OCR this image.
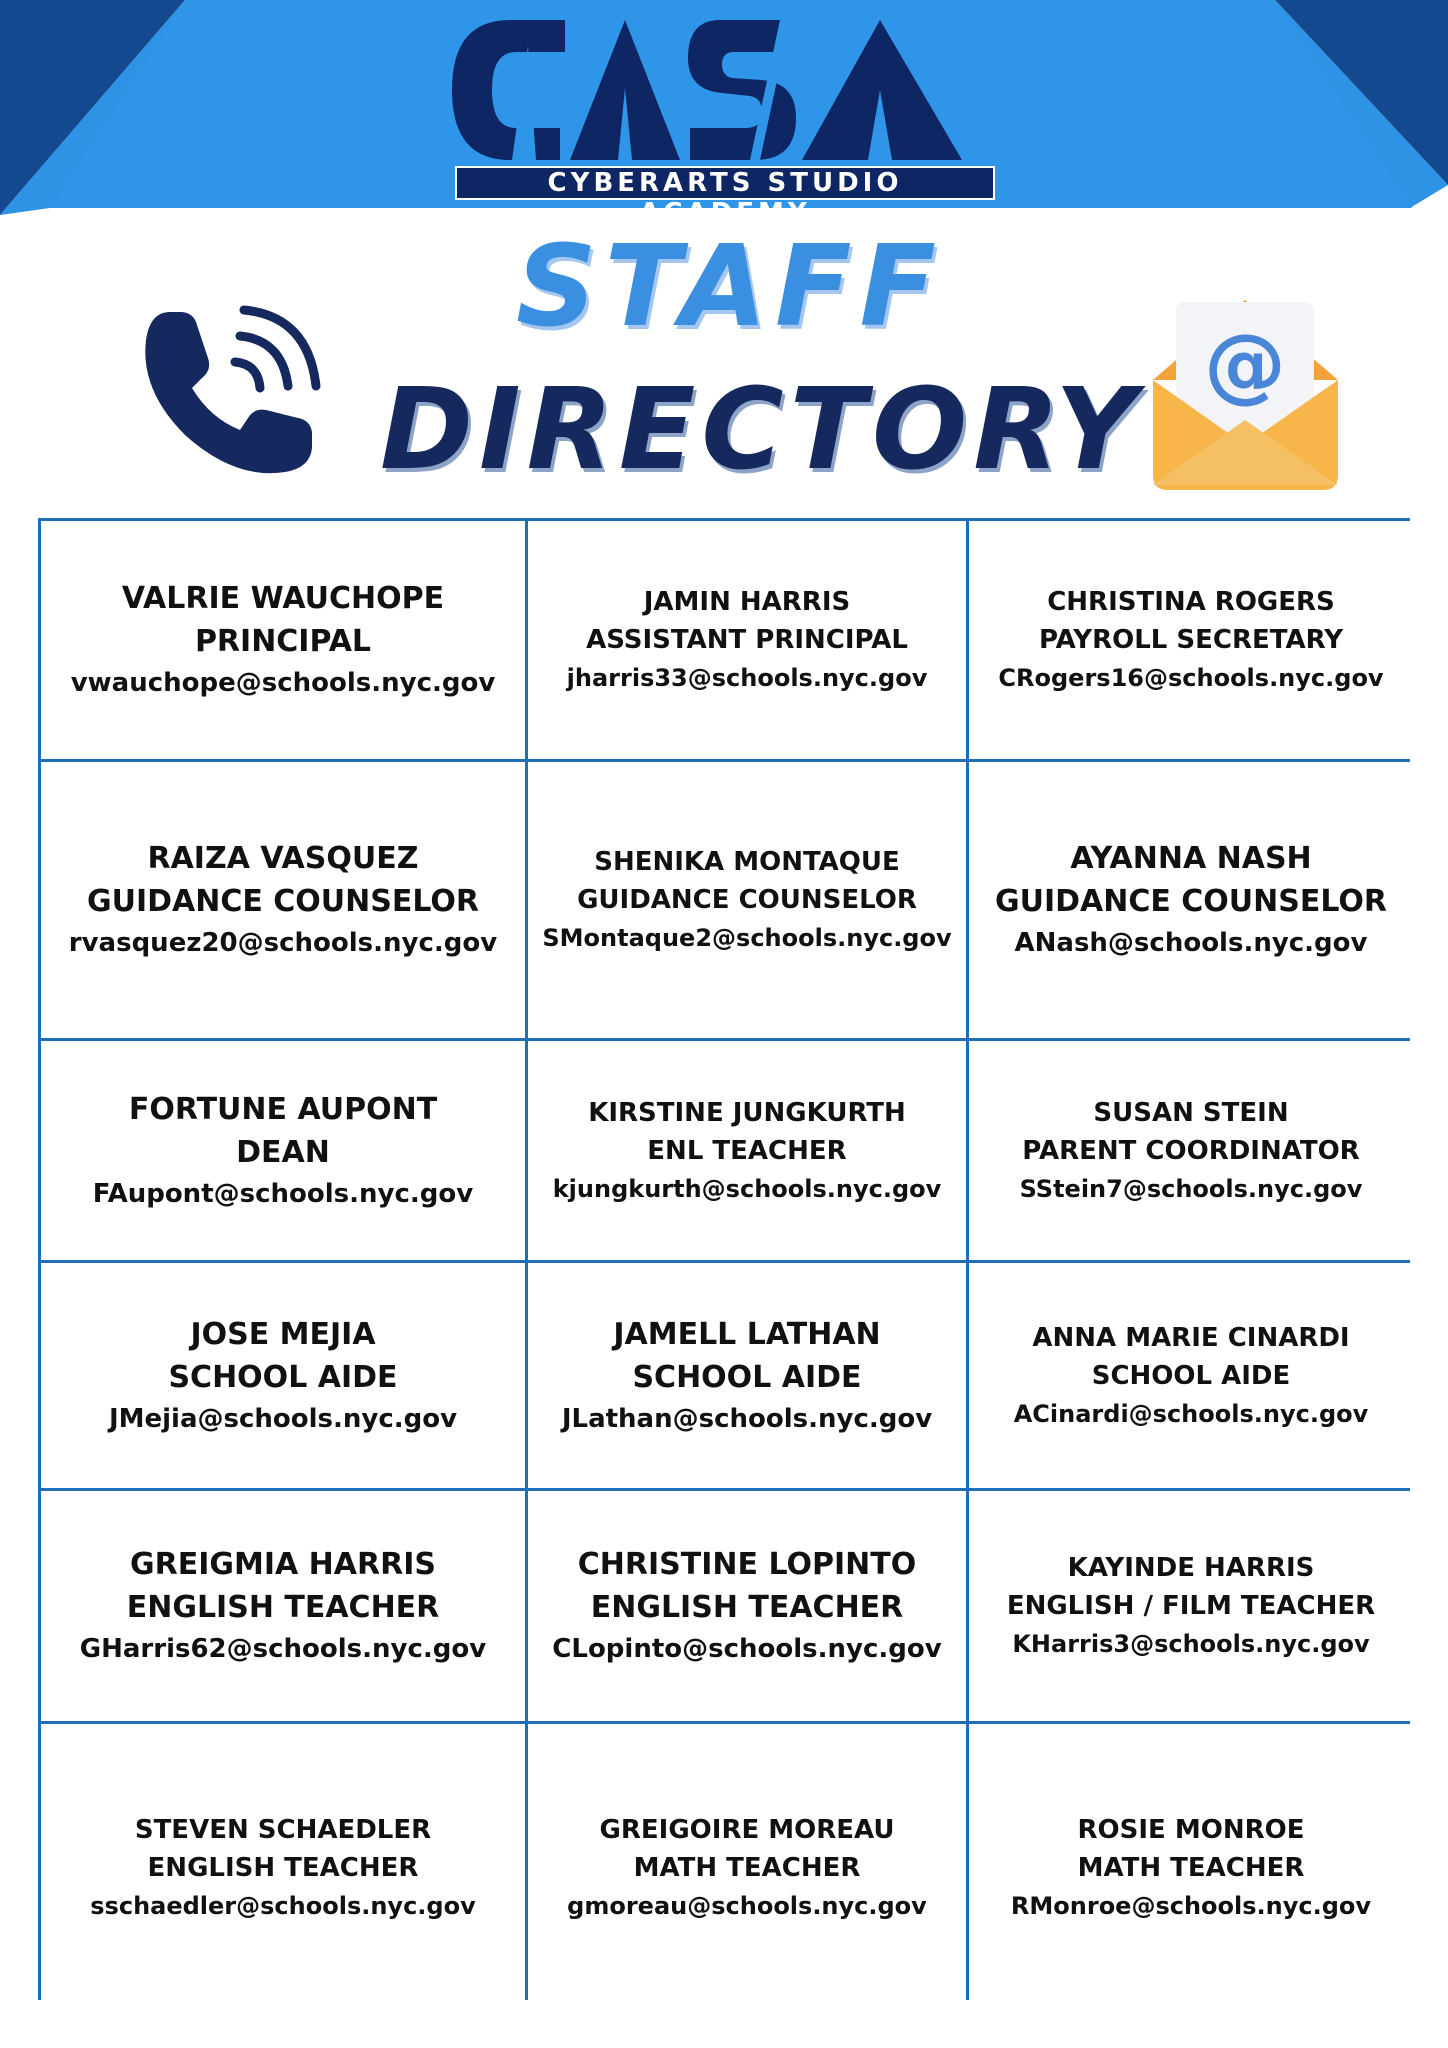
CYBERARTS STUDIO ACADEMY
STAFF
DIRECTORY
@
VALRIE WAUCHOPE
PRINCIPAL
vwauchope@schools.nyc.gov
JAMIN HARRIS
ASSISTANT PRINCIPAL
jharris33@schools.nyc.gov
CHRISTINA ROGERS
PAYROLL SECRETARY
CRogers16@schools.nyc.gov
RAIZA VASQUEZ
GUIDANCE COUNSELOR
rvasquez20@schools.nyc.gov
SHENIKA MONTAQUE
GUIDANCE COUNSELOR
SMontaque2@schools.nyc.gov
AYANNA NASH
GUIDANCE COUNSELOR
ANash@schools.nyc.gov
FORTUNE AUPONT
DEAN
FAupont@schools.nyc.gov
KIRSTINE JUNGKURTH
ENL TEACHER
kjungkurth@schools.nyc.gov
SUSAN STEIN
PARENT COORDINATOR
SStein7@schools.nyc.gov
JOSE MEJIA
SCHOOL AIDE
JMejia@schools.nyc.gov
JAMELL LATHAN
SCHOOL AIDE
JLathan@schools.nyc.gov
ANNA MARIE CINARDI
SCHOOL AIDE
ACinardi@schools.nyc.gov
GREIGMIA HARRIS
ENGLISH TEACHER
GHarris62@schools.nyc.gov
CHRISTINE LOPINTO
ENGLISH TEACHER
CLopinto@schools.nyc.gov
KAYINDE HARRIS
ENGLISH / FILM TEACHER
KHarris3@schools.nyc.gov
STEVEN SCHAEDLER
ENGLISH TEACHER
sschaedler@schools.nyc.gov
GREIGOIRE MOREAU
MATH TEACHER
gmoreau@schools.nyc.gov
ROSIE MONROE
MATH TEACHER
RMonroe@schools.nyc.gov
